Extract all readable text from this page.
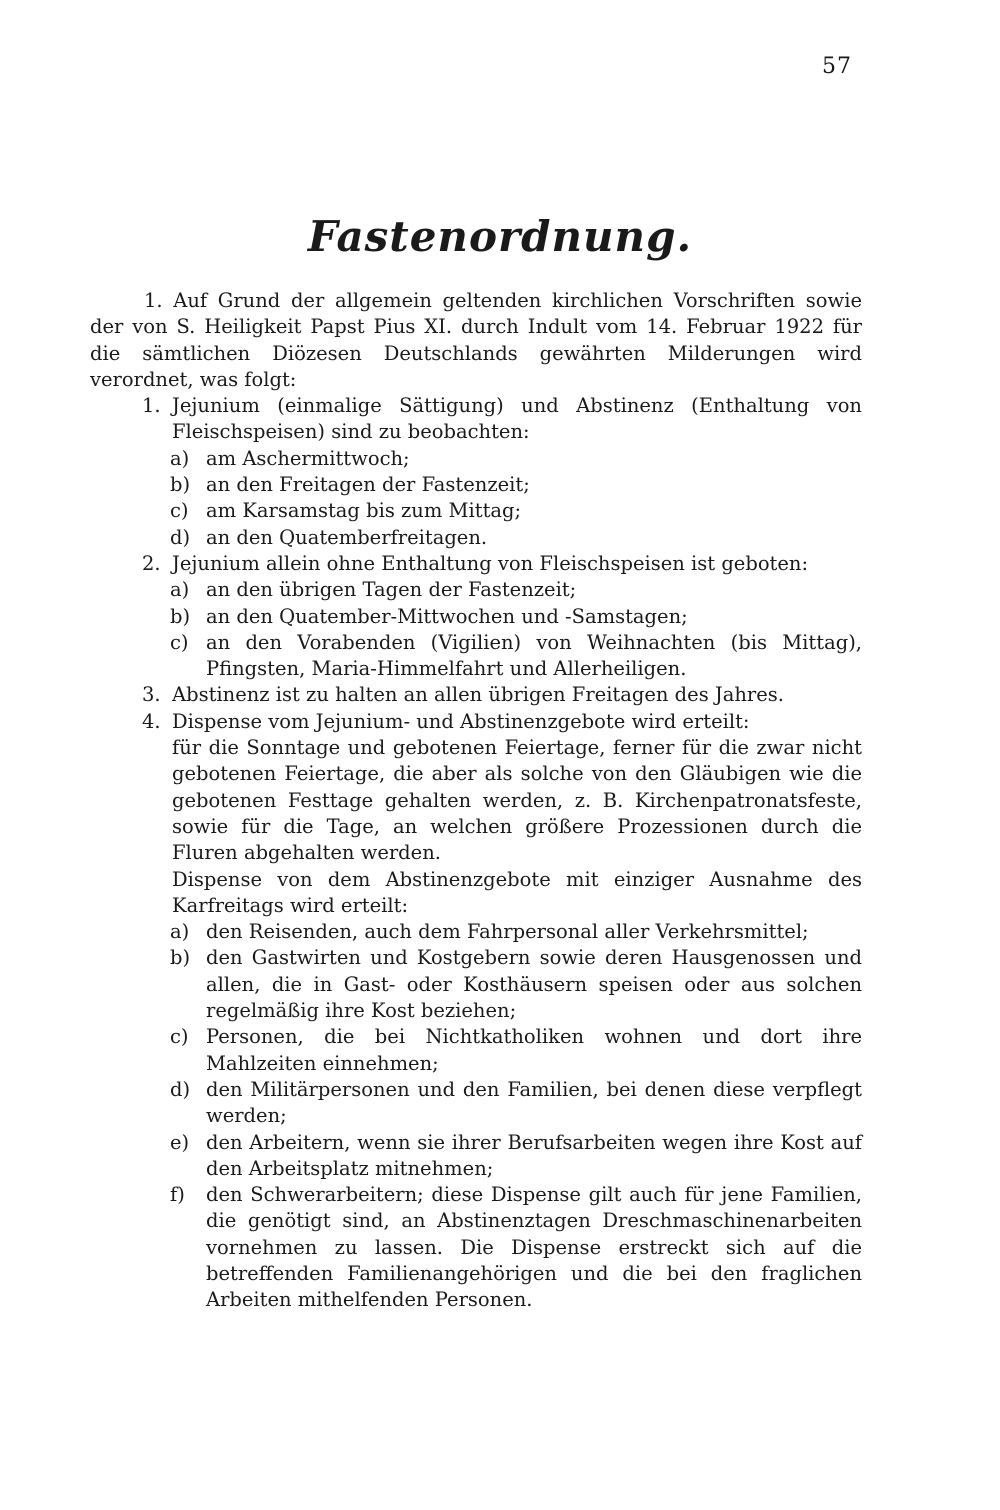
57
Fastenordnung.

1. Auf Grund der allgemein geltenden kirchlichen Vorschriften sowie der von S. Heiligkeit Papst Pius XI. durch Indult vom 14. Februar 1922 für die sämtlichen Diözesen Deutschlands gewährten Milderungen wird verordnet, was folgt:

1. Jejunium (einmalige Sättigung) und Abstinenz (Enthaltung von Fleischspeisen) sind zu beobachten:

a) am Aschermittwoch;

b) an den Freitagen der Fastenzeit;

c) am Karsamstag bis zum Mittag;

d) an den Quatemberfreitagen.

2. Jejunium allein ohne Enthaltung von Fleischspeisen ist geboten:

a) an den übrigen Tagen der Fastenzeit;

b) an den Quatember-Mittwochen und -Samstagen;

c) an den Vorabenden (Vigilien) von Weihnachten (bis Mittag), Pfingsten, Maria-Himmelfahrt und Allerheiligen.

3. Abstinenz ist zu halten an allen übrigen Freitagen des Jahres.

4. Dispense vom Jejunium- und Abstinenzgebote wird erteilt:

für die Sonntage und gebotenen Feiertage, ferner für die zwar nicht gebotenen Feiertage, die aber als solche von den Gläubigen wie die gebotenen Festtage gehalten werden, z. B. Kirchenpatronatsfeste, sowie für die Tage, an welchen größere Prozessionen durch die Fluren abgehalten werden.

Dispense von dem Abstinenzgebote mit einziger Ausnahme des Karfreitags wird erteilt:

a) den Reisenden, auch dem Fahrpersonal aller Verkehrsmittel;

b) den Gastwirten und Kostgebern sowie deren Hausgenossen und allen, die in Gast- oder Kosthäusern speisen oder aus solchen regelmäßig ihre Kost beziehen;

c) Personen, die bei Nichtkatholiken wohnen und dort ihre Mahlzeiten einnehmen;

d) den Militärpersonen und den Familien, bei denen diese verpflegt werden;

e) den Arbeitern, wenn sie ihrer Berufsarbeiten wegen ihre Kost auf den Arbeitsplatz mitnehmen;

f) den Schwerarbeitern; diese Dispense gilt auch für jene Familien, die genötigt sind, an Abstinenztagen Dreschmaschinenarbeiten vornehmen zu lassen. Die Dispense erstreckt sich auf die betreffenden Familienangehörigen und die bei den fraglichen Arbeiten mithelfenden Personen.
